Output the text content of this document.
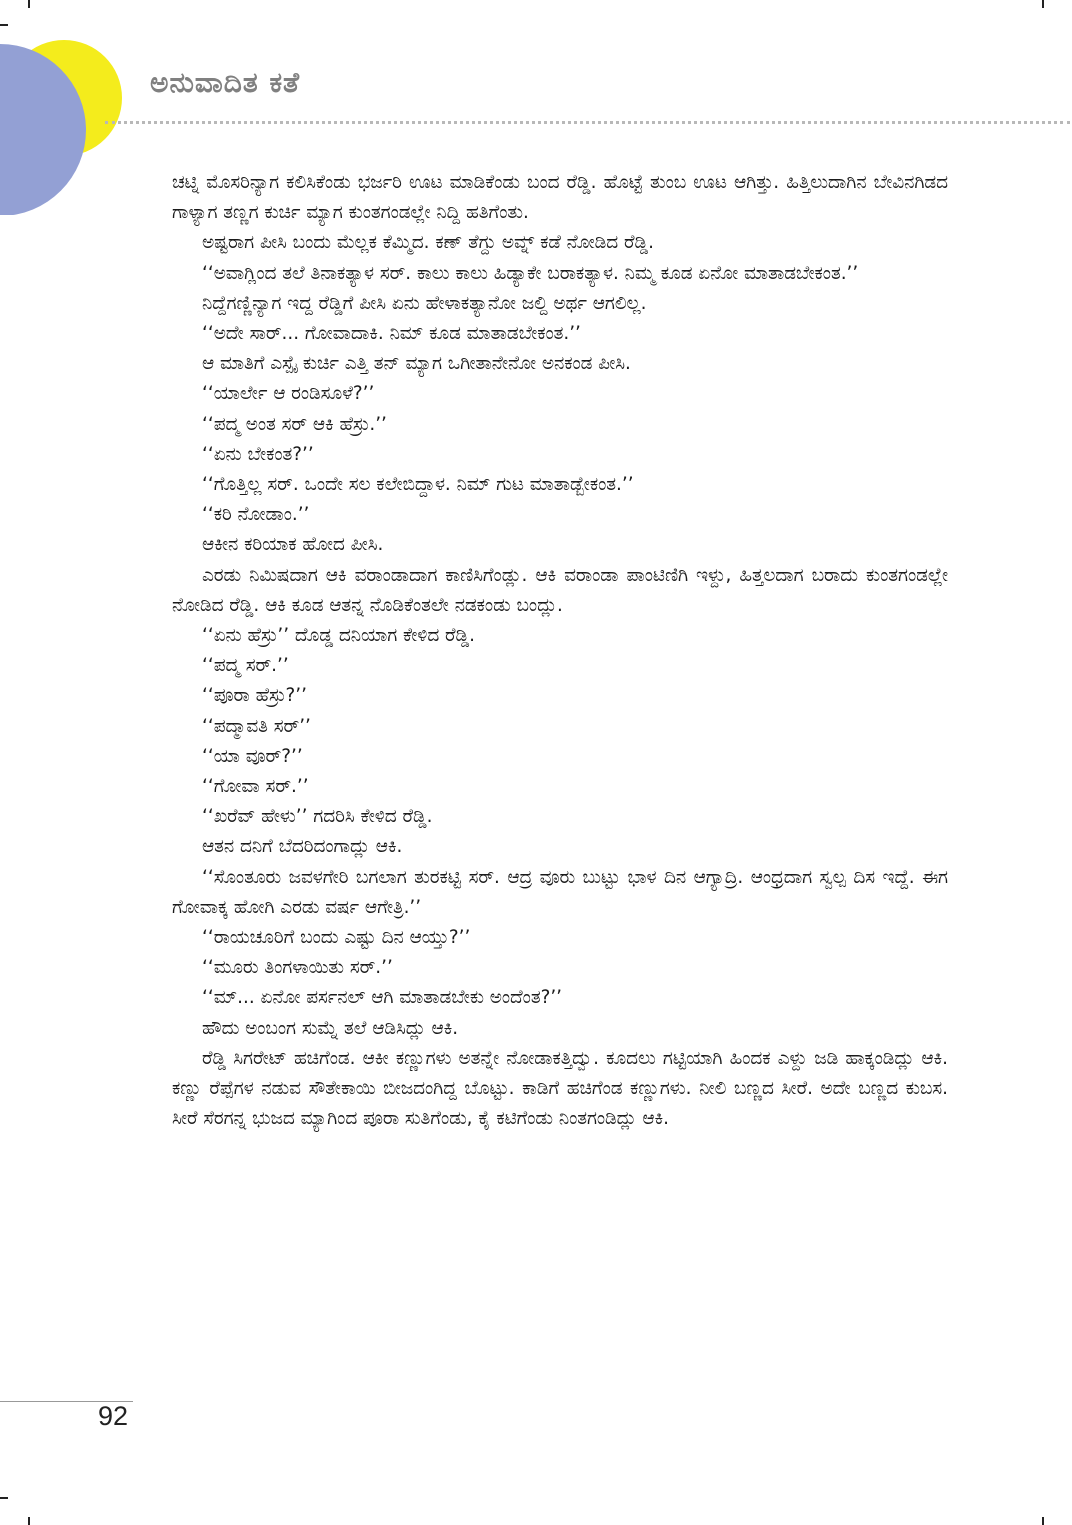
ಅನುವಾದಿತ ಕತೆ

ಚಟ್ನಿ ಮೊಸರಿನ್ಯಾಗ ಕಲಿಸಿಕೆಂಡು ಭರ್ಜರಿ ಊಟ ಮಾಡಿಕೆಂಡು ಬಂದ ರೆಡ್ಡಿ. ಹೊಟ್ಟೆ ತುಂಬ ಊಟ ಆಗಿತ್ತು. ಹಿತ್ತಿಲುದಾಗಿನ ಬೇವಿನಗಿಡದ ಗಾಳ್ಯಾಗ ತಣ್ಣಗ ಕುರ್ಚಿ ಮ್ಯಾಗ ಕುಂತಗಂಡಲ್ಲೇ ನಿದ್ದಿ ಹತಿಗೆಂತು.

ಅಷ್ಟರಾಗ ಪೀಸಿ ಬಂದು ಮೆಲ್ಲಕ ಕೆಮ್ಮಿದ. ಕಣ್ ತೆಗ್ದು ಅವ್ನ್ ಕಡೆ ನೋಡಿದ ರೆಡ್ಡಿ.

‘‘ಅವಾಗ್ಲಿಂದ ತಲೆ ತಿನಾಕತ್ಯಾಳ ಸರ್. ಕಾಲು ಕಾಲು ಹಿಡ್ಯಾಕೇ ಬರಾಕತ್ಯಾಳ. ನಿಮ್ಮ ಕೂಡ ಏನೋ ಮಾತಾಡಬೇಕಂತ.’’

ನಿದ್ದೆಗಣ್ಣಿನ್ಯಾಗ ಇದ್ದ ರೆಡ್ಡಿಗೆ ಪೀಸಿ ಏನು ಹೇಳಾಕತ್ಯಾನೋ ಜಲ್ದಿ ಅರ್ಥ ಆಗಲಿಲ್ಲ.

‘‘ಅದೇ ಸಾರ್... ಗೋವಾದಾಕಿ. ನಿಮ್ ಕೂಡ ಮಾತಾಡಬೇಕಂತ.’’

ಆ ಮಾತಿಗೆ ಎಸ್ಪೈ ಕುರ್ಚಿ ಎತ್ತಿ ತನ್ ಮ್ಯಾಗ ಒಗೀತಾನೇನೋ ಅನಕಂಡ ಪೀಸಿ.

‘‘ಯಾರ್ಲೇ ಆ ರಂಡಿಸೂಳೆ?’’

‘‘ಪದ್ಮ ಅಂತ ಸರ್ ಆಕಿ ಹೆಸ್ರು.’’

‘‘ಏನು ಬೇಕಂತ?’’

‘‘ಗೊತ್ತಿಲ್ಲ ಸರ್. ಒಂದೇ ಸಲ ಕಲೇಬಿದ್ದಾಳ. ನಿಮ್ ಗುಟ ಮಾತಾಡ್ಬೇಕಂತ.’’

‘‘ಕರಿ ನೋಡಾಂ.’’

ಆಕೀನ ಕರಿಯಾಕ ಹೋದ ಪೀಸಿ.

ಎರಡು ನಿಮಿಷದಾಗ ಆಕಿ ವರಾಂಡಾದಾಗ ಕಾಣಿಸಿಗೆಂಡ್ಲು. ಆಕಿ ವರಾಂಡಾ ಪಾಂಟಿಣಿಗಿ ಇಳ್ದು, ಹಿತ್ತಲದಾಗ ಬರಾದು ಕುಂತಗಂಡಲ್ಲೇ ನೋಡಿದ ರೆಡ್ಡಿ. ಆಕಿ ಕೂಡ ಆತನ್ನ ನೊಡಿಕೆಂತಲೇ ನಡಕಂಡು ಬಂದ್ಲು.

‘‘ಏನು ಹೆಸ್ರು’’ ದೊಡ್ಡ ದನಿಯಾಗ ಕೇಳಿದ ರೆಡ್ಡಿ.

‘‘ಪದ್ಮ ಸರ್.’’

‘‘ಪೂರಾ ಹೆಸ್ರು?’’

‘‘ಪದ್ಮಾವತಿ ಸರ್’’

‘‘ಯಾ ವೂರ್?’’

‘‘ಗೋವಾ ಸರ್.’’

‘‘ಖರೆವ್ ಹೇಳು’’ ಗದರಿಸಿ ಕೇಳಿದ ರೆಡ್ಡಿ.

ಆತನ ದನಿಗೆ ಬೆದರಿದಂಗಾದ್ಲು ಆಕಿ.

‘‘ಸೊಂತೂರು ಜವಳಗೇರಿ ಬಗಲಾಗ ತುರಕಟ್ಟಿ ಸರ್. ಆದ್ರ ವೂರು ಬುಟ್ಟು ಭಾಳ ದಿನ ಆಗ್ಯಾದ್ರಿ. ಆಂಧ್ರದಾಗ ಸ್ವಲ್ಪ ದಿಸ ಇದ್ದೆ. ಈಗ ಗೋವಾಕ್ಕ ಹೋಗಿ ಎರಡು ವರ್ಷ ಆಗೇತ್ರಿ.’’

‘‘ರಾಯಚೂರಿಗೆ ಬಂದು ಎಷ್ಟು ದಿನ ಆಯ್ತು?’’

‘‘ಮೂರು ತಿಂಗಳಾಯಿತು ಸರ್.’’

‘‘ಮ್... ಏನೋ ಪರ್ಸನಲ್ ಆಗಿ ಮಾತಾಡಬೇಕು ಅಂದೆಂತ?’’

ಹೌದು ಅಂಬಂಗ ಸುಮ್ನೆ ತಲೆ ಆಡಿಸಿದ್ಲು ಆಕಿ.

ರೆಡ್ಡಿ ಸಿಗರೇಟ್ ಹಚಿಗೆಂಡ. ಆಕೀ ಕಣ್ಣುಗಳು ಅತನ್ನೇ ನೋಡಾಕತ್ತಿದ್ವು. ಕೂದಲು ಗಟ್ಟಿಯಾಗಿ ಹಿಂದಕ ಎಳ್ದು ಜಡಿ ಹಾಕ್ಕಂಡಿದ್ಲು ಆಕಿ. ಕಣ್ಣು ರೆಪ್ಪೆಗಳ ನಡುವ ಸೌತೇಕಾಯಿ ಬೀಜದಂಗಿದ್ದ ಬೊಟ್ಟು. ಕಾಡಿಗೆ ಹಚಿಗೆಂಡ ಕಣ್ಣುಗಳು. ನೀಲಿ ಬಣ್ಣದ ಸೀರೆ. ಅದೇ ಬಣ್ಣದ ಕುಬಸ. ಸೀರೆ ಸೆರಗನ್ನ ಭುಜದ ಮ್ಯಾಗಿಂದ ಪೂರಾ ಸುತಿಗೆಂಡು, ಕೈ ಕಟಿಗೆಂಡು ನಿಂತಗಂಡಿದ್ಲು ಆಕಿ.

92
